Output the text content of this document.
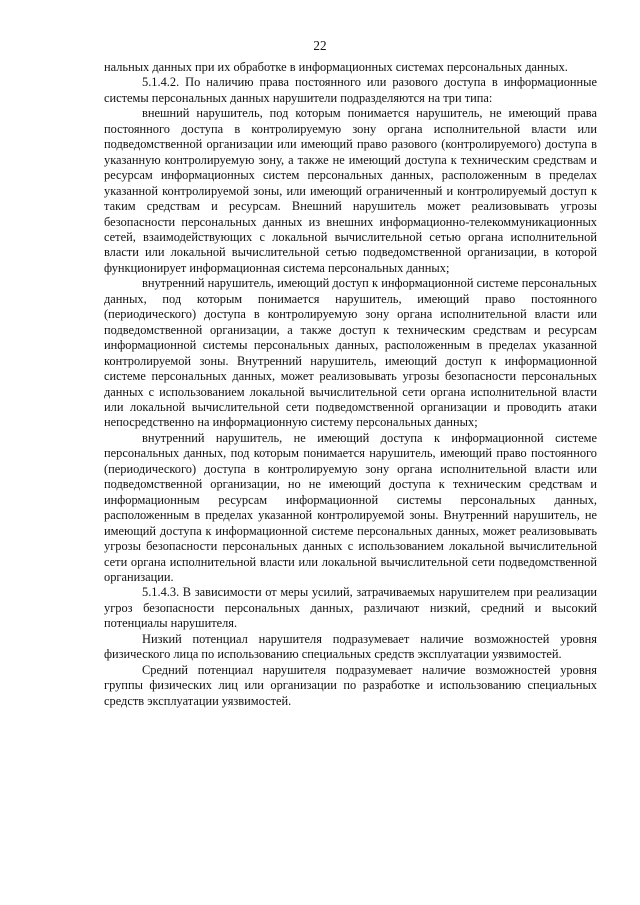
22

нальных данных при их обработке в информационных системах персональных данных.

5.1.4.2. По наличию права постоянного или разового доступа в информационные системы персональных данных нарушители подразделяются на три типа:

внешний нарушитель, под которым понимается нарушитель, не имеющий права постоянного доступа в контролируемую зону органа исполнительной власти или подведомственной организации или имеющий право разового (контролируемого) доступа в указанную контролируемую зону, а также не имеющий доступа к техническим средствам и ресурсам информационных систем персональных данных, расположенным в пределах указанной контролируемой зоны, или имеющий ограниченный и контролируемый доступ к таким средствам и ресурсам. Внешний нарушитель может реализовывать угрозы безопасности персональных данных из внешних информационно-телекоммуникационных сетей, взаимодействующих с локальной вычислительной сетью органа исполнительной власти или локальной вычислительной сетью подведомственной организации, в которой функционирует информационная система персональных данных;

внутренний нарушитель, имеющий доступ к информационной системе персональных данных, под которым понимается нарушитель, имеющий право постоянного (периодического) доступа в контролируемую зону органа исполнительной власти или подведомственной организации, а также доступ к техническим средствам и ресурсам информационной системы персональных данных, расположенным в пределах указанной контролируемой зоны. Внутренний нарушитель, имеющий доступ к информационной системе персональных данных, может реализовывать угрозы безопасности персональных данных с использованием локальной вычислительной сети органа исполнительной власти или локальной вычислительной сети подведомственной организации и проводить атаки непосредственно на информационную систему персональных данных;

внутренний нарушитель, не имеющий доступа к информационной системе персональных данных, под которым понимается нарушитель, имеющий право постоянного (периодического) доступа в контролируемую зону органа исполнительной власти или подведомственной организации, но не имеющий доступа к техническим средствам и информационным ресурсам информационной системы персональных данных, расположенным в пределах указанной контролируемой зоны. Внутренний нарушитель, не имеющий доступа к информационной системе персональных данных, может реализовывать угрозы безопасности персональных данных с использованием локальной вычислительной сети органа исполнительной власти или локальной вычислительной сети подведомственной организации.

5.1.4.3. В зависимости от меры усилий, затрачиваемых нарушителем при реализации угроз безопасности персональных данных, различают низкий, средний и высокий потенциалы нарушителя.

Низкий потенциал нарушителя подразумевает наличие возможностей уровня физического лица по использованию специальных средств эксплуатации уязвимостей.

Средний потенциал нарушителя подразумевает наличие возможностей уровня группы физических лиц или организации по разработке и использованию специальных средств эксплуатации уязвимостей.
